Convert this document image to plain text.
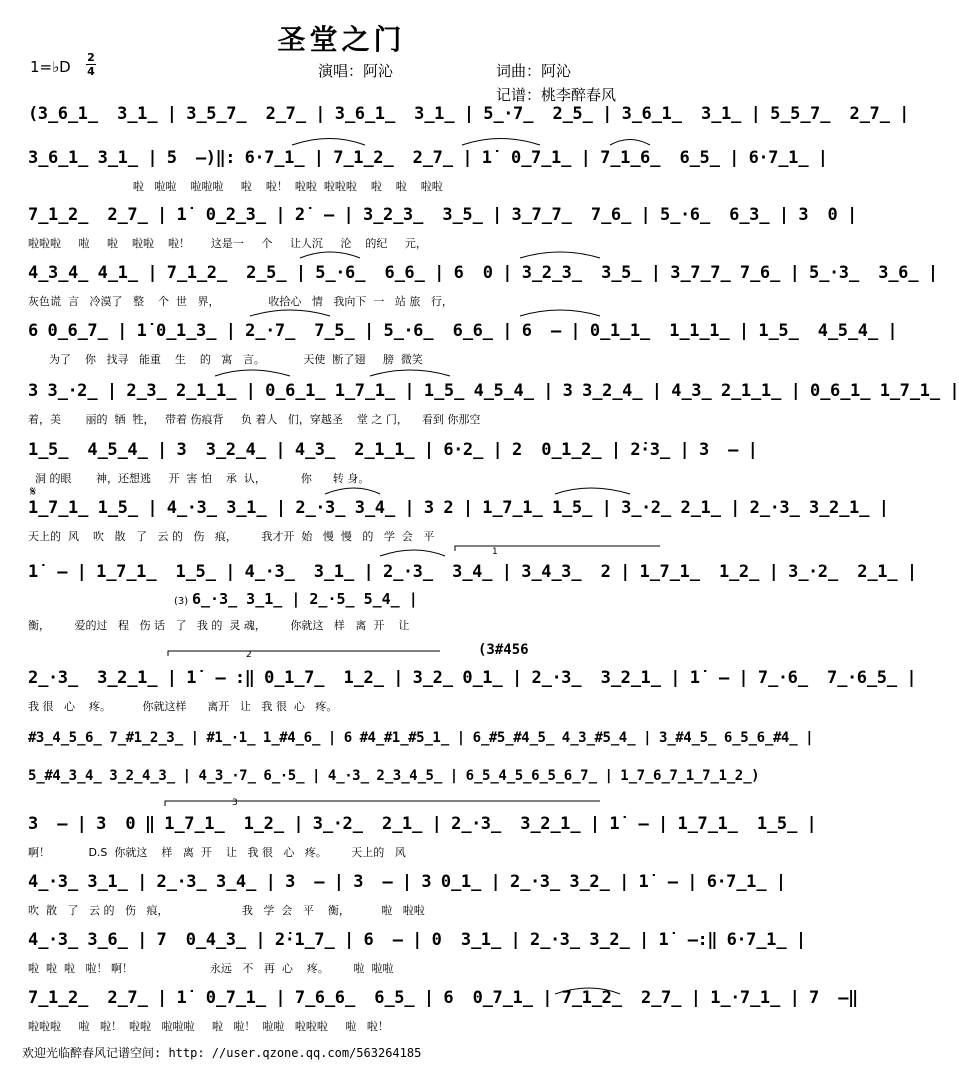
圣堂之门
1=♭D
2
4	演唱：阿沁	词曲：阿沁
记谱：桃李醉春风
(3̲6̲1̲  3̲1̲ | 3̲5̲7̲  2̲7̲ | 3̲6̲1̲  3̲1̲ | 5̲·7̲  2̲5̲ | 3̲6̲1̲  3̲1̲ | 5̲5̲7̲  2̲7̲ |
3̲6̲1̲ 3̲1̲ | 5  –)‖: 6·7̲1̲ | 7̲1̲2̲  2̲7̲ | 1̇  0̲7̲1̲ | 7̲1̲6̲  6̲5̲ | 6·7̲1̲ |
啦   啦啦    啦啦啦     啦    啦！  啦啦  啦啦啦    啦    啦    啦啦
7̲1̲2̲  2̲7̲ | 1̇  0̲2̲3̲ | 2̇  – | 3̲2̲3̲  3̲5̲ | 3̲7̲7̲  7̲6̲ | 5̲·6̲  6̲3̲ | 3  0 |
啦啦啦     啦     啦    啦啦    啦！      这是一     个     让人沉     沦    的纪     元，
4̲3̲4̲ 4̲1̲ | 7̲1̲2̲  2̲5̲ | 5̲·6̲  6̲6̲ | 6  0 | 3̲2̲3̲  3̲5̲ | 3̲7̲7̲ 7̲6̲ | 5̲·3̲  3̲6̲ |
灰色谎  言   冷漠了   整    个  世   界，              收拾心   情   我向下  一   站 旅   行，
6 0̲6̲7̲ | 1̇ 0̲1̲3̲ | 2̲·7̲  7̲5̲ | 5̲·6̲  6̲6̲ | 6  – | 0̲1̲1̲  1̲1̲1̲ | 1̲5̲  4̲5̲4̲ |
为了    你   找寻   能重    生    的   寓   言。           天使  断了翅     膀  微笑
3 3̲·2̲ | 2̲3̲ 2̲1̲1̲ | 0̲6̲1̲ 1̲7̲1̲ | 1̲5̲ 4̲5̲4̲ | 3 3̲2̲4̲ | 4̲3̲ 2̲1̲1̲ | 0̲6̲1̲ 1̲7̲1̲ |
着，美       丽的  牺  牲，   带着 伤痕背     负 着人   们，穿越圣    堂 之 门，    看到 你那空
1̲5̲  4̲5̲4̲ | 3  3̲2̲4̲ | 4̲3̲  2̲1̲1̲ | 6·2̲ | 2  0̲1̲2̲ | 2̇·3̲ | 3  – |
洞 的眼       神，还想逃     开  害 怕    承  认，          你      转 身。
𝄋
1̲7̲1̲ 1̲5̲ | 4̲·3̲ 3̲1̲ | 2̲·3̲ 3̲4̲ | 3 2 | 1̲7̲1̲ 1̲5̲ | 3̲·2̲ 2̲1̲ | 2̲·3̲ 3̲2̲1̲ |
天上的  风    吹   散   了   云 的   伤   痕，       我才开  始   慢  慢   的   学  会   平
1
1̇  – | 1̲7̲1̲  1̲5̲ | 4̲·3̲  3̲1̲ | 2̲·3̲  3̲4̲ | 3̲4̲3̲  2 | 1̲7̲1̲  1̲2̲ | 3̲·2̲  2̲1̲ |
衡，       爱的过   程   伤 话   了   我 的  灵 魂，       你就这   样   离  开    让
(3) 6̲·3̲ 3̲1̲ | 2̲·5̲ 5̲4̲ |
2	(3#456
2̲·3̲  3̲2̲1̲ | 1̇  – :‖ 0̲1̲7̲  1̲2̲ | 3̲2̲ 0̲1̲ | 2̲·3̲  3̲2̲1̲ | 1̇  – | 7̲·6̲  7̲·6̲5̲ |
我 很   心    疼。         你就这样      离开   让   我 很  心   疼。
#3̲4̲5̲6̲ 7̲#1̲2̲3̲ | #1̲·1̲ 1̲#4̲6̲ | 6 #4̲#1̲#5̲1̲ | 6̲#5̲#4̲5̲ 4̲3̲#5̲4̲ | 3̲#4̲5̲ 6̲5̲6̲#4̲ |
5̲#4̲3̲4̲ 3̲2̲4̲3̲ | 4̲3̲·7̲ 6̲·5̲ | 4̲·3̲ 2̲3̲4̲5̲ | 6̲5̲4̲5̲6̲5̲6̲7̲ | 1̲7̲6̲7̲1̲7̲1̲2̲)
3
3  – | 3  0 ‖ 1̲7̲1̲  1̲2̲ | 3̲·2̲  2̲1̲ | 2̲·3̲  3̲2̲1̲ | 1̇  – | 1̲7̲1̲  1̲5̲ |
啊！           D.S  你就这    样   离  开    让   我 很   心   疼。       天上的   风
4̲·3̲ 3̲1̲ | 2̲·3̲ 3̲4̲ | 3  – | 3  – | 3 0̲1̲ | 2̲·3̲ 3̲2̲ | 1̇  – | 6·7̲1̲ |
吹  散   了   云 的   伤   痕，                     我   学  会   平    衡，         啦   啦啦
4̲·3̲ 3̲6̲ | 7  0̲4̲3̲ | 2̇·1̲7̲ | 6  – | 0  3̲1̲ | 2̲·3̲ 3̲2̲ | 1̇  –:‖ 6·7̲1̲ |
啦  啦  啦   啦！ 啊！                      永远   不   再  心    疼。       啦  啦啦
7̲1̲2̲  2̲7̲ | 1̇  0̲7̲1̲ | 7̲6̲6̲  6̲5̲ | 6  0̲7̲1̲ | 7̲1̲2̲  2̲7̲ | 1̲·7̲1̲ | 7  –‖
啦啦啦     啦   啦！  啦啦   啦啦啦     啦   啦！  啦啦   啦啦啦     啦   啦！
欢迎光临醉春风记谱空间: http: //user.qzone.qq.com/563264185
